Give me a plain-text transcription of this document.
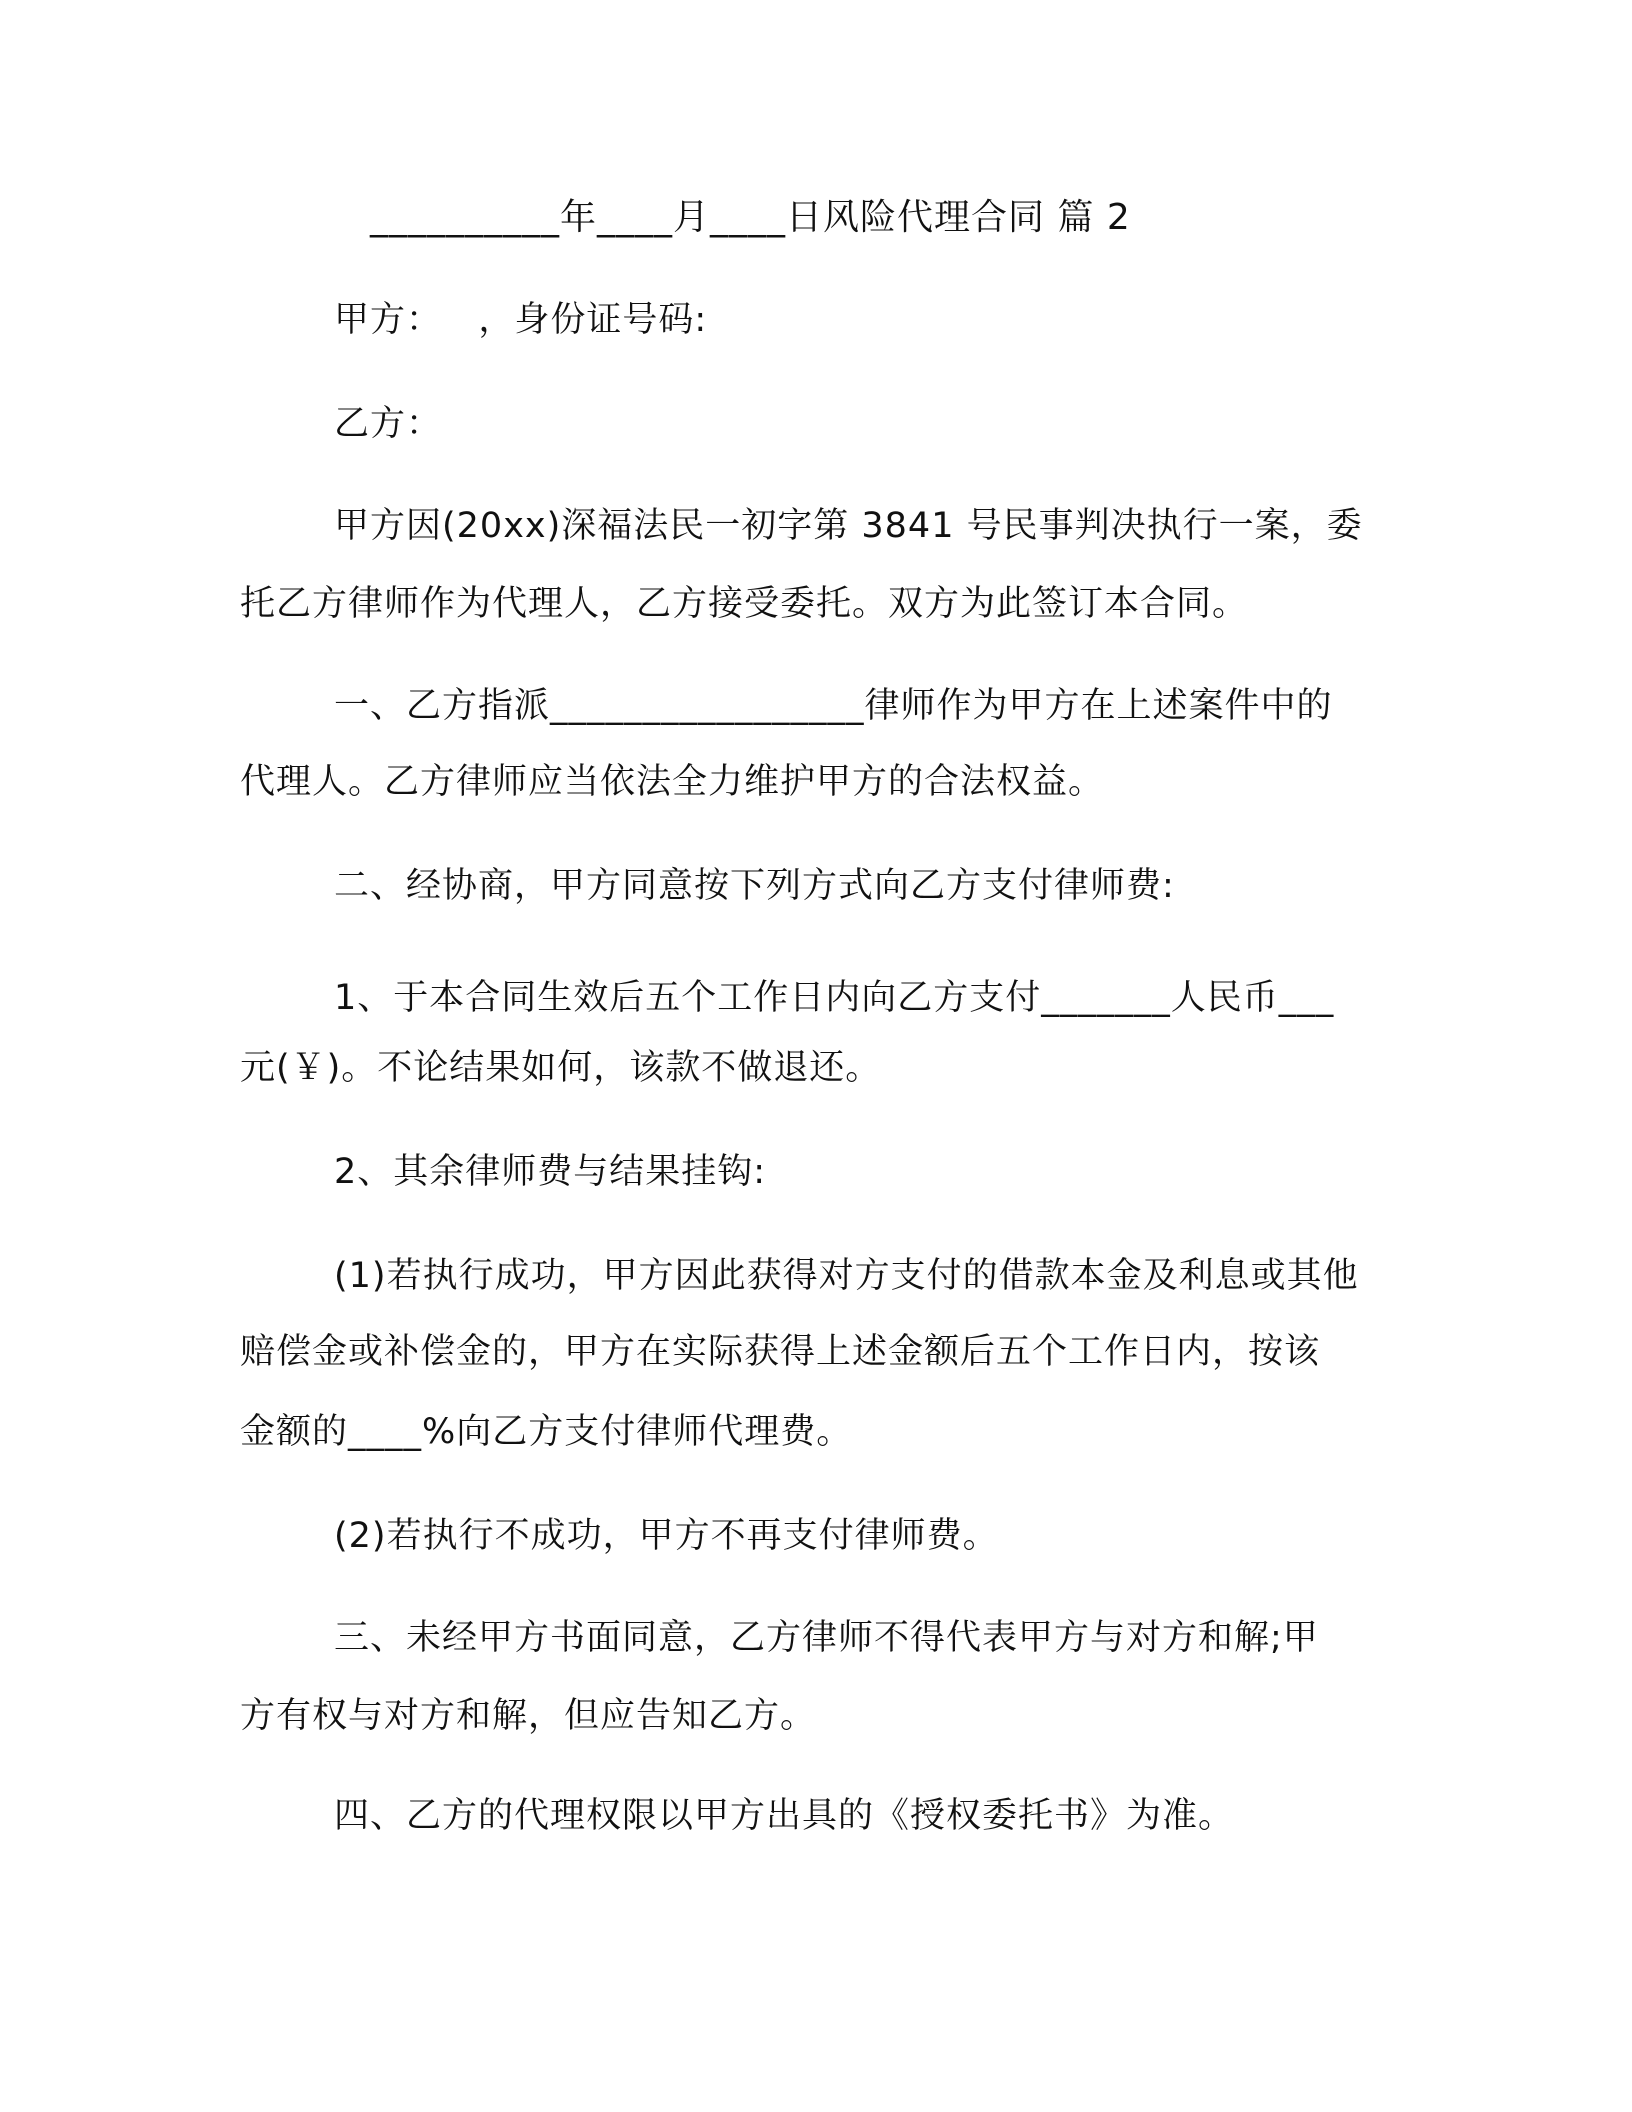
__________年____月____日风险代理合同 篇 2
甲方：   ，身份证号码:
乙方：
甲方因(20xx)深福法民一初字第 3841 号民事判决执行一案，委
托乙方律师作为代理人，乙方接受委托。双方为此签订本合同。
一、乙方指派_________________律师作为甲方在上述案件中的
代理人。乙方律师应当依法全力维护甲方的合法权益。
二、经协商，甲方同意按下列方式向乙方支付律师费:
1、于本合同生效后五个工作日内向乙方支付_______人民币___
元(￥)。不论结果如何，该款不做退还。
2、其余律师费与结果挂钩:
(1)若执行成功，甲方因此获得对方支付的借款本金及利息或其他
赔偿金或补偿金的，甲方在实际获得上述金额后五个工作日内，按该
金额的____%向乙方支付律师代理费。
(2)若执行不成功，甲方不再支付律师费。
三、未经甲方书面同意，乙方律师不得代表甲方与对方和解;甲
方有权与对方和解，但应告知乙方。
四、乙方的代理权限以甲方出具的《授权委托书》为准。
